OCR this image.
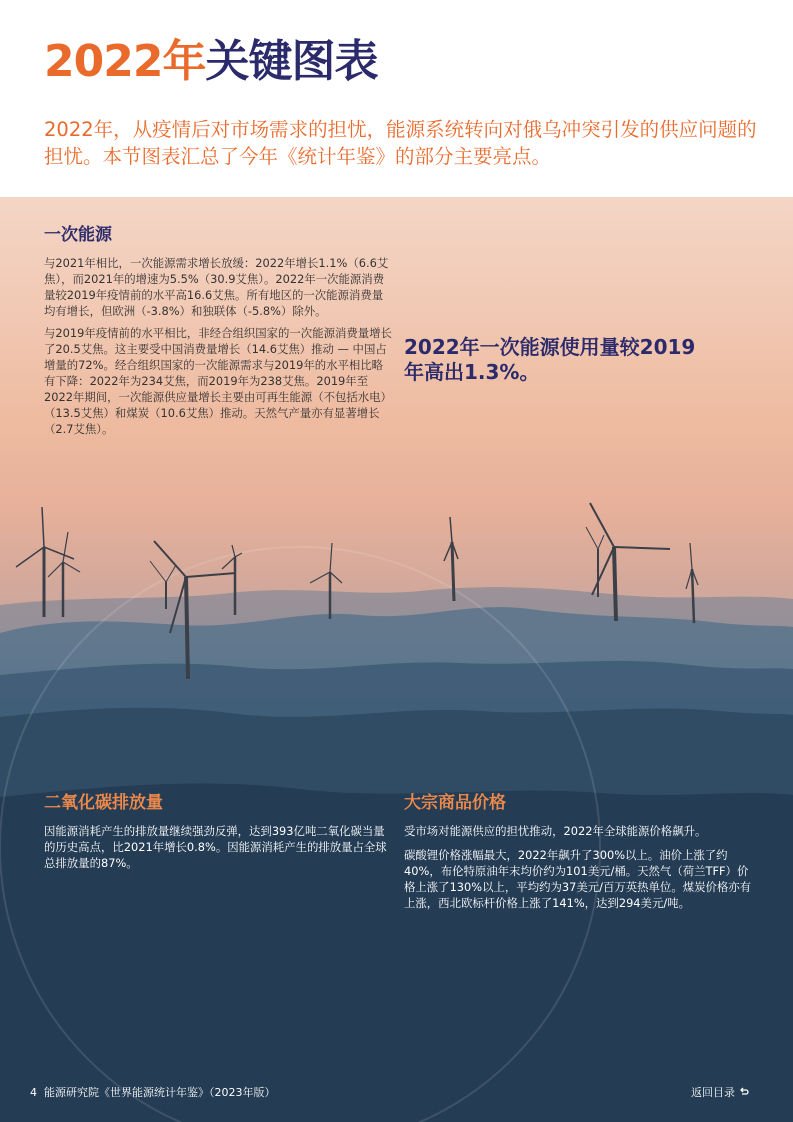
2022年关键图表

2022年，从疫情后对市场需求的担忧，能源系统转向对俄乌冲突引发的供应问题的担忧。本节图表汇总了今年《统计年鉴》的部分主要亮点。

一次能源

与2021年相比，一次能源需求增长放缓：2022年增长1.1%（6.6艾焦），而2021年的增速为5.5%（30.9艾焦）。2022年一次能源消费量较2019年疫情前的水平高16.6艾焦。所有地区的一次能源消费量均有增长，但欧洲（-3.8%）和独联体（-5.8%）除外。

与2019年疫情前的水平相比，非经合组织国家的一次能源消费量增长了20.5艾焦。这主要受中国消费量增长（14.6艾焦）推动 — 中国占增量的72%。经合组织国家的一次能源需求与2019年的水平相比略有下降：2022年为234艾焦，而2019年为238艾焦。2019年至2022年期间，一次能源供应量增长主要由可再生能源（不包括水电）（13.5艾焦）和煤炭（10.6艾焦）推动。天然气产量亦有显著增长（2.7艾焦）。

2022年一次能源使用量较2019年高出1.3%。

二氧化碳排放量

因能源消耗产生的排放量继续强劲反弹，达到393亿吨二氧化碳当量的历史高点，比2021年增长0.8%。因能源消耗产生的排放量占全球总排放量的87%。

大宗商品价格

受市场对能源供应的担忧推动，2022年全球能源价格飙升。

碳酸锂价格涨幅最大，2022年飙升了300%以上。油价上涨了约40%，布伦特原油年末均价约为101美元/桶。天然气（荷兰TFF）价格上涨了130%以上，平均约为37美元/百万英热单位。煤炭价格亦有上涨，西北欧标杆价格上涨了141%，达到294美元/吨。

4 能源研究院《世界能源统计年鉴》（2023年版）	返回目录
